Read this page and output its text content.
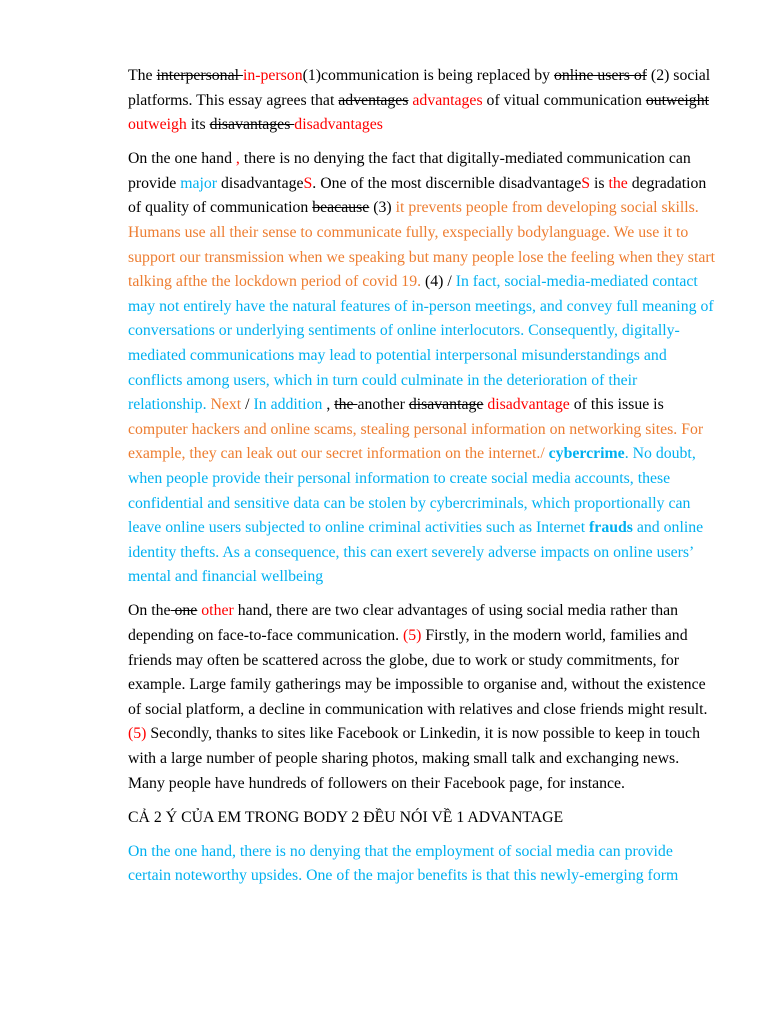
The interpersonal in-person(1)communication is being replaced by online users of (2) social platforms. This essay agrees that adventages advantages of vitual communication outweight outweigh its disavantages disadvantages

On the one hand , there is no denying the fact that digitally-mediated communication can provide major disadvantageS. One of the most discernible disadvantageS is the degradation of quality of communication beacause (3) it prevents people from developing social skills. Humans use all their sense to communicate fully, exspecially bodylanguage. We use it to support our transmission when we speaking but many people lose the feeling when they start talking afthe the lockdown period of covid 19. (4) / In fact, social-media-mediated contact may not entirely have the natural features of in-person meetings, and convey full meaning of conversations or underlying sentiments of online interlocutors. Consequently, digitally-mediated communications may lead to potential interpersonal misunderstandings and conflicts among users, which in turn could culminate in the deterioration of their relationship. Next / In addition , the another disavantage disadvantage of this issue is computer hackers and online scams, stealing personal information on networking sites. For example, they can leak out our secret information on the internet./ cybercrime. No doubt, when people provide their personal information to create social media accounts, these confidential and sensitive data can be stolen by cybercriminals, which proportionally can leave online users subjected to online criminal activities such as Internet frauds and online identity thefts. As a consequence, this can exert severely adverse impacts on online users’ mental and financial wellbeing

On the one other hand, there are two clear advantages of using social media rather than depending on face-to-face communication. (5) Firstly, in the modern world, families and friends may often be scattered across the globe, due to work or study commitments, for example. Large family gatherings may be impossible to organise and, without the existence of social platform, a decline in communication with relatives and close friends might result. (5) Secondly, thanks to sites like Facebook or Linkedin, it is now possible to keep in touch with a large number of people sharing photos, making small talk and exchanging news. Many people have hundreds of followers on their Facebook page, for instance.

CẢ 2 Ý CỦA EM TRONG BODY 2 ĐỀU NÓI VỀ 1 ADVANTAGE

On the one hand, there is no denying that the employment of social media can provide certain noteworthy upsides. One of the major benefits is that this newly-emerging form
